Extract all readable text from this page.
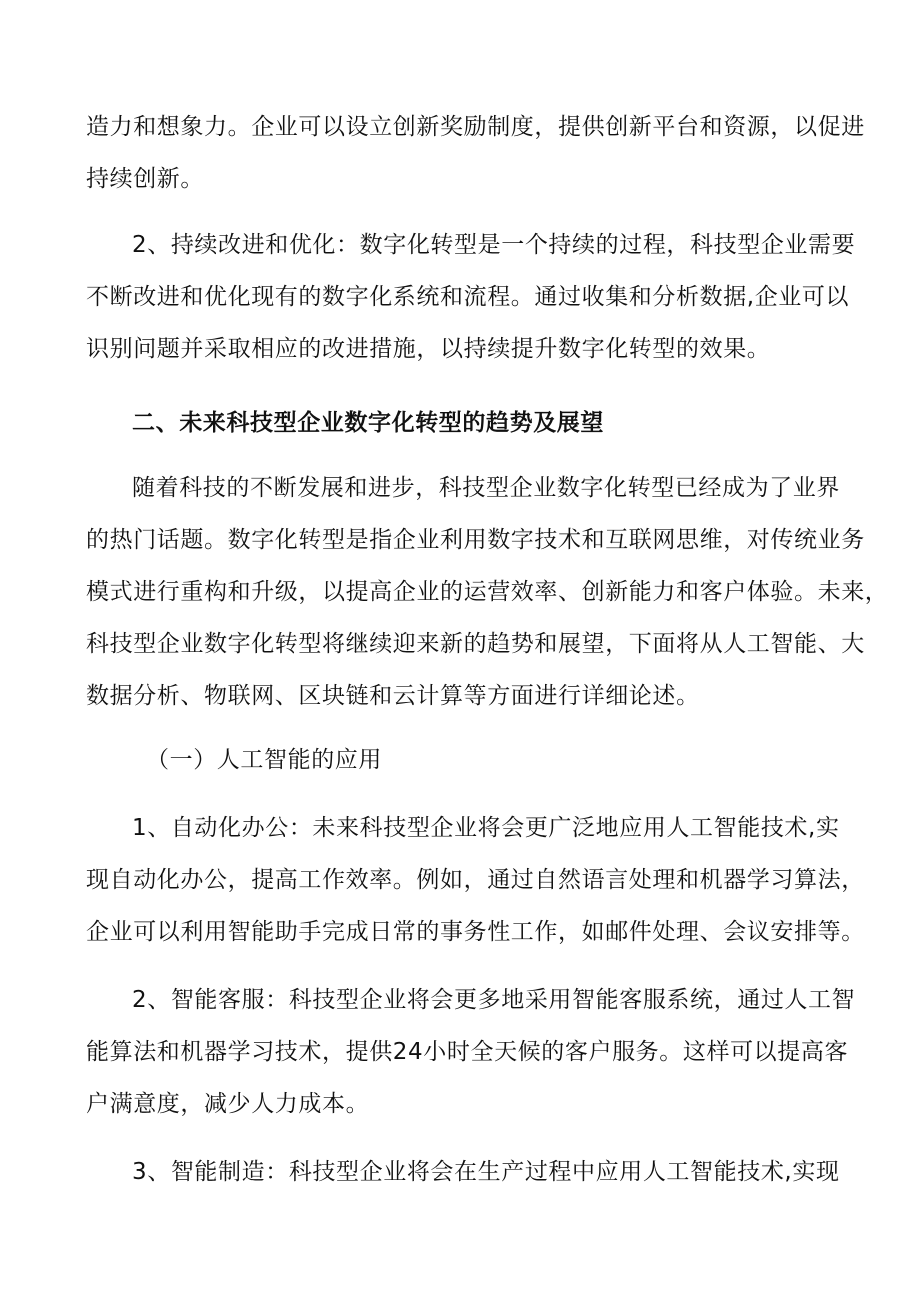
造力和想象力。企业可以设立创新奖励制度，提供创新平台和资源，以促进
持续创新。
2、持续改进和优化：数字化转型是一个持续的过程，科技型企业需要
不断改进和优化现有的数字化系统和流程。通过收集和分析数据,企业可以
识别问题并采取相应的改进措施，以持续提升数字化转型的效果。
二、未来科技型企业数字化转型的趋势及展望
随着科技的不断发展和进步，科技型企业数字化转型已经成为了业界
的热门话题。数字化转型是指企业利用数字技术和互联网思维，对传统业务
模式进行重构和升级，以提高企业的运营效率、创新能力和客户体验。未来，
科技型企业数字化转型将继续迎来新的趋势和展望，下面将从人工智能、大
数据分析、物联网、区块链和云计算等方面进行详细论述。
（一）人工智能的应用
1、自动化办公：未来科技型企业将会更广泛地应用人工智能技术,实
现自动化办公，提高工作效率。例如，通过自然语言处理和机器学习算法，
企业可以利用智能助手完成日常的事务性工作，如邮件处理、会议安排等。
2、智能客服：科技型企业将会更多地采用智能客服系统，通过人工智
能算法和机器学习技术，提供24小时全天候的客户服务。这样可以提高客
户满意度，减少人力成本。
3、智能制造：科技型企业将会在生产过程中应用人工智能技术,实现
